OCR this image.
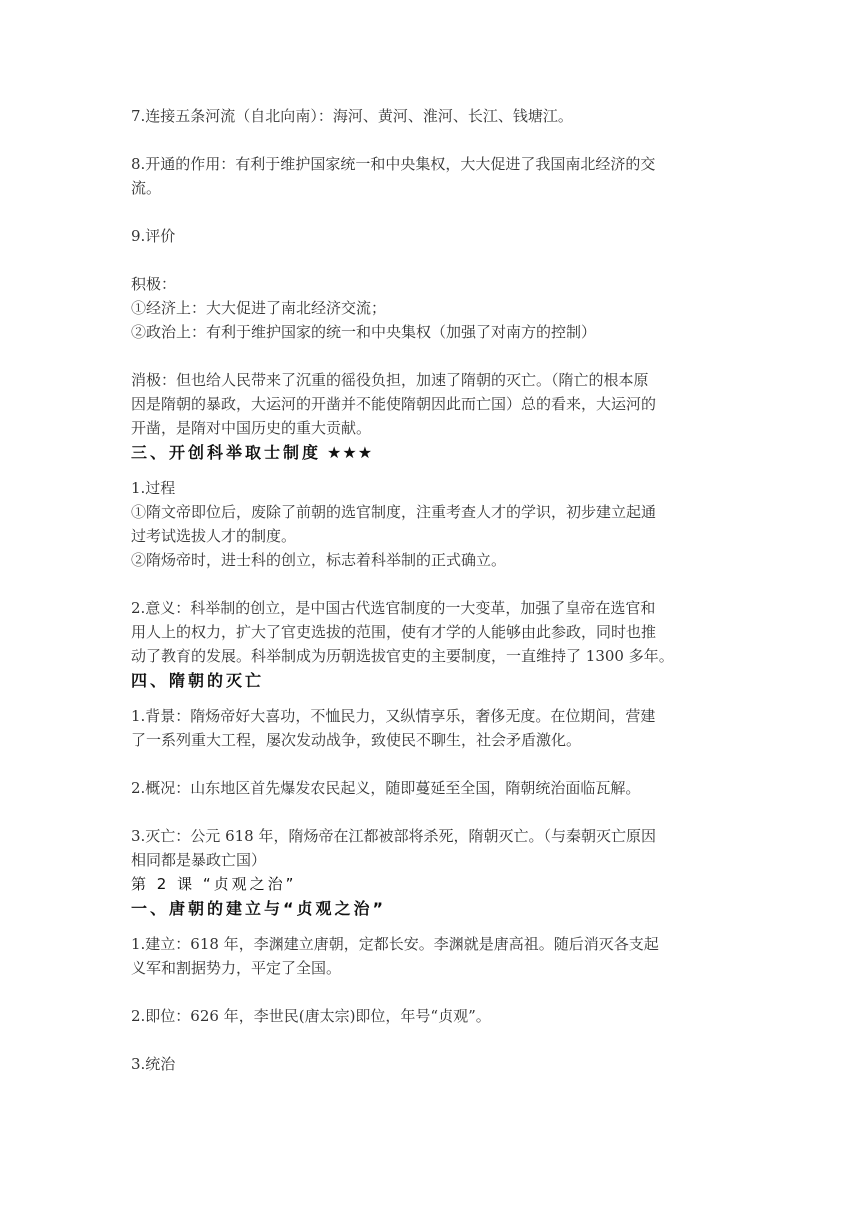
7.连接五条河流（自北向南）：海河、黄河、淮河、长江、钱塘江。

8.开通的作用：有利于维护国家统一和中央集权，大大促进了我国南北经济的交

流。

9.评价

积极：

①经济上：大大促进了南北经济交流；

②政治上：有利于维护国家的统一和中央集权（加强了对南方的控制）

消极：但也给人民带来了沉重的徭役负担，加速了隋朝的灭亡。（隋亡的根本原

因是隋朝的暴政，大运河的开凿并不能使隋朝因此而亡国）总的看来，大运河的

开凿，是隋对中国历史的重大贡献。

三、开创科举取士制度 ★★★

1.过程

①隋文帝即位后，废除了前朝的选官制度，注重考查人才的学识，初步建立起通

过考试选拔人才的制度。

②隋炀帝时，进士科的创立，标志着科举制的正式确立。

2.意义：科举制的创立，是中国古代选官制度的一大变革，加强了皇帝在选官和

用人上的权力，扩大了官吏选拔的范围，使有才学的人能够由此参政，同时也推

动了教育的发展。科举制成为历朝选拔官吏的主要制度，一直维持了 1300 多年。

四、隋朝的灭亡

1.背景：隋炀帝好大喜功，不恤民力，又纵情享乐，奢侈无度。在位期间，营建

了一系列重大工程，屡次发动战争，致使民不聊生，社会矛盾激化。

2.概况：山东地区首先爆发农民起义，随即蔓延至全国，隋朝统治面临瓦解。

3.灭亡：公元 618 年，隋炀帝在江都被部将杀死，隋朝灭亡。（与秦朝灭亡原因

相同都是暴政亡国）

第 2 课 “贞观之治”

一、唐朝的建立与“贞观之治”

1.建立：618 年，李渊建立唐朝，定都长安。李渊就是唐高祖。随后消灭各支起

义军和割据势力，平定了全国。

2.即位：626 年，李世民(唐太宗)即位，年号“贞观”。

3.统治
